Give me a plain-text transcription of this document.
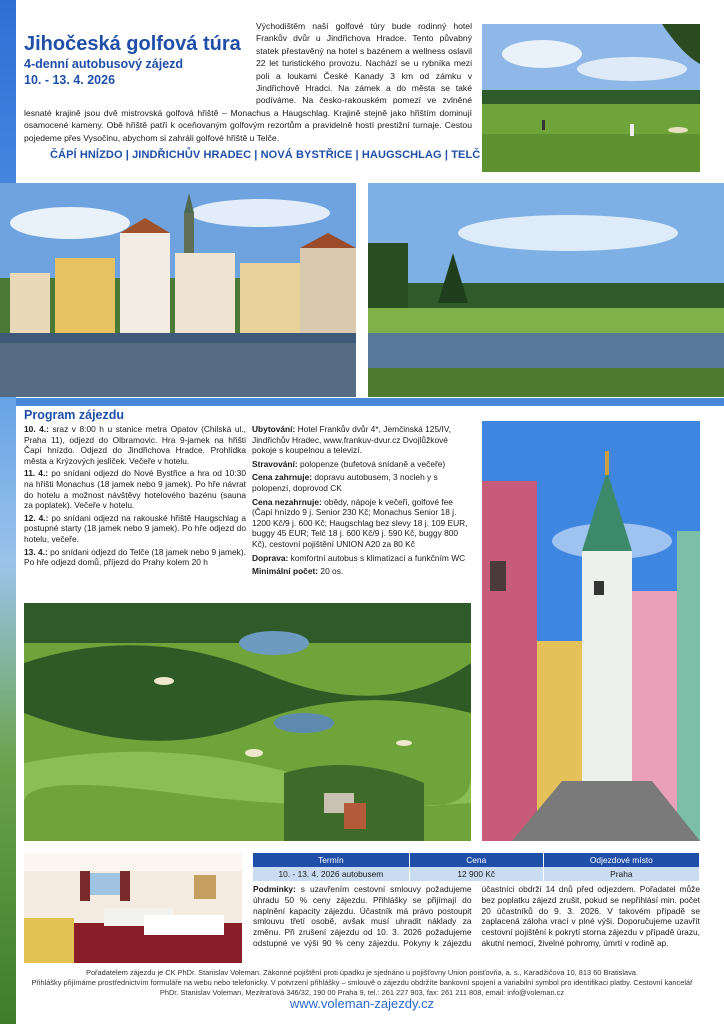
Východištěm naší golfové túry bude rodinný hotel Frankův dvůr u Jindřichova Hradce. Tento půvabný statek přestavěný na hotel s bazénem a wellness oslavil 22 let turistického provozu. Nachází se u rybníka mezi poli a loukami České Kanady 3 km od zámku v Jindřichově Hradci. Na zámek a do města se také podíváme. Na česko-rakouském pomezí ve zvlněné lesnaté krajině jsou dvě mistrovská golfová hřiště – Monachus a Haugschlag. Krajině stejně jako hřištím dominují osamocené kameny. Obě hřiště patří k oceňovaným golfovým rezortům a pravidelně hostí prestižní turnaje. Cestou pojedeme přes Vysočinu, abychom si zahráli golfové hřiště u Telče.
Jihočeská golfová túra
4-denní autobusový zájezd
10. - 13. 4. 2026
ČÁPÍ HNÍZDO | JINDŘICHŮV HRADEC | NOVÁ BYSTŘICE | HAUGSCHLAG | TELČ
Program zájezdu

10. 4.: sraz v 8:00 h u stanice metra Opatov (Chilská ul., Praha 11), odjezd do Olbramovic. Hra 9-jamek na hřišti Čapí hnízdo. Odjezd do Jindřichova Hradce. Prohlídka města a Krýzových jesliček. Večeře v hotelu.

11. 4.: po snídani odjezd do Nové Bystřice a hra od 10:30 na hřišti Monachus (18 jamek nebo 9 jamek). Po hře návrat do hotelu a možnost návštěvy hotelového bazénu (sauna za poplatek). Večeře v hotelu.

12. 4.: po snídani odjezd na rakouské hřiště Haugschlag a postupné starty (18 jamek nebo 9 jamek). Po hře odjezd do hotelu, večeře.

13. 4.: po snídani odjezd do Telče (18 jamek nebo 9 jamek). Po hře odjezd domů, příjezd do Prahy kolem 20 h

Ubytování: Hotel Frankův dvůr 4*, Jemčinská 125/IV, Jindřichův Hradec, www.frankuv-dvur.cz Dvojlůžkové pokoje s koupelnou a televizí.

Stravování: polopenze (bufetová snídaně a večeře)

Cena zahrnuje: dopravu autobusem, 3 nocleh y s polopenzí, doprovod CK

Cena nezahrnuje: obědy, nápoje k večeři, golfové fee (Čapí hnízdo 9 j. Senior 230 Kč; Monachus Senior 18 j. 1200 Kč/9 j. 600 Kč; Haugschlag bez slevy 18 j. 109 EUR, buggy 45 EUR; Telč 18 j. 600 Kč/9 j. 590 Kč, buggy 800 Kč), cestovní pojištění UNION A20 za 80 Kč

Doprava: komfortní autobus s klimatizací a funkčním WC

Minimální počet: 20 os.

Termín	Cena	Odjezdové místo
10. - 13. 4. 2026 autobusem	12 900 Kč	Praha
Podmínky: s uzavřením cestovní smlouvy požadujeme úhradu 50 % ceny zájezdu. Přihlášky se přijímají do naplnění kapacity zájezdu. Účastník má právo postoupit smlouvu třetí osobě, avšak musí uhradit náklady za změnu. Při zrušení zájezdu od 10. 3. 2026 požadujeme odstupné ve výši 90 % ceny zájezdu. Pokyny k zájezdu účastníci obdrží 14 dnů před odjezdem. Pořadatel může bez poplatku zájezd zrušit, pokud se nepřihlásí min. počet 20 účastníků do 9. 3. 2026. V takovém případě se zaplacená záloha vrací v plné výši. Doporučujeme uzavřít cestovní pojištění k pokrytí storna zájezdu v případě úrazu, akutní nemoci, živelné pohromy, úmrtí v rodině ap.
Pořadatelem zájezdu je CK PhDr. Stanislav Voleman. Zákonné pojištění proti úpadku je sjednáno u pojišťovny Union poisťovňa, a. s., Karadžičova 10, 813 60 Bratislava.
Přihlášky přijímáme prostřednictvím formuláře na webu nebo telefonicky. V potvrzení přihlášky – smlouvě o zájezdu obdržíte bankovní spojení a variabilní symbol pro identifikaci platby. Cestovní kancelář PhDr. Stanislav Voleman, Mezitraťová 346/32, 190 00 Praha 9, tel.: 261 227 903, fax: 261 211 808, email: info@voleman.cz
www.voleman-zajezdy.cz
